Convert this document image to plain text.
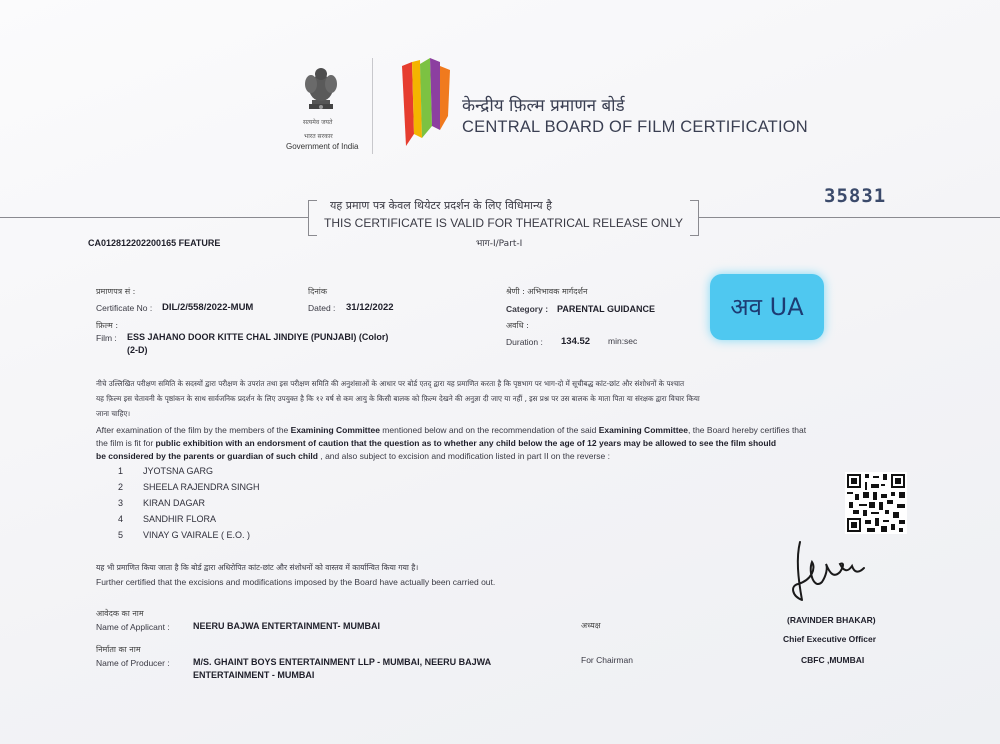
सत्यमेव जयते
भारत सरकार
Government of India
केन्द्रीय फ़िल्म प्रमाणन बोर्ड
CENTRAL BOARD OF FILM CERTIFICATION
यह प्रमाण पत्र केवल थियेटर प्रदर्शन के लिए विधिमान्य है
THIS CERTIFICATE IS VALID FOR THEATRICAL RELEASE ONLY
भाग-I/Part-I
35831
CA012812202200165 FEATURE
प्रमाणपत्र सं :
Certificate No : DIL/2/558/2022-MUM
दिनांक
Dated : 31/12/2022
श्रेणी : अभिभावक मार्गदर्शन
Category : PARENTAL GUIDANCE
फ़िल्म :
Film : ESS JAHANO DOOR KITTE CHAL JINDIYE (PUNJABI) (Color)
(2-D)
अवधि :
Duration : 134.52 min:sec
अव UA
नीचे उल्लिखित परीक्षण समिति के सदस्यों द्वारा परीक्षण के उपरांत तथा इस परीक्षण समिति की अनुशंसाओं के आधार पर बोर्ड एतद् द्वारा यह प्रमाणित करता है कि पृष्ठभाग पर भाग-दो में सूचीबद्ध कांट-छांट और संशोधनों के पश्चात
यह फ़िल्म इस चेतावनी के पृष्ठांकन के साथ सार्वजनिक प्रदर्शन के लिए उपयुक्त है कि १२ वर्ष से कम आयु के किसी बालक को फ़िल्म देखने की अनुज्ञा दी जाए या नहीं , इस प्रश्न पर उस बालक के माता पिता या संरक्षक द्वारा विचार किया
जाना चाहिए।
After examination of the film by the members of the Examining Committee mentioned below and on the recommendation of the said Examining Committee, the Board hereby certifies that
the film is fit for public exhibition with an endorsment of caution that the question as to whether any child below the age of 12 years may be allowed to see the film should
be considered by the parents or guardian of such child , and also subject to excision and modification listed in part II on the reverse :
1 JYOTSNA GARG
2 SHEELA RAJENDRA SINGH
3 KIRAN DAGAR
4 SANDHIR FLORA
5 VINAY G VAIRALE ( E.O. )
यह भी प्रमाणित किया जाता है कि बोर्ड द्वारा अधिरोपित कांट-छांट और संशोधनों को वास्तव में कार्यान्वित किया गया है।
Further certified that the excisions and modifications imposed by the Board have actually been carried out.
आवेदक का नाम
Name of Applicant :	NEERU BAJWA ENTERTAINMENT- MUMBAI
निर्माता का नाम
Name of Producer :	M/S. GHAINT BOYS ENTERTAINMENT LLP - MUMBAI, NEERU BAJWA
ENTERTAINMENT - MUMBAI
अध्यक्ष
For Chairman
(RAVINDER BHAKAR)
Chief Executive Officer
CBFC ,MUMBAI
